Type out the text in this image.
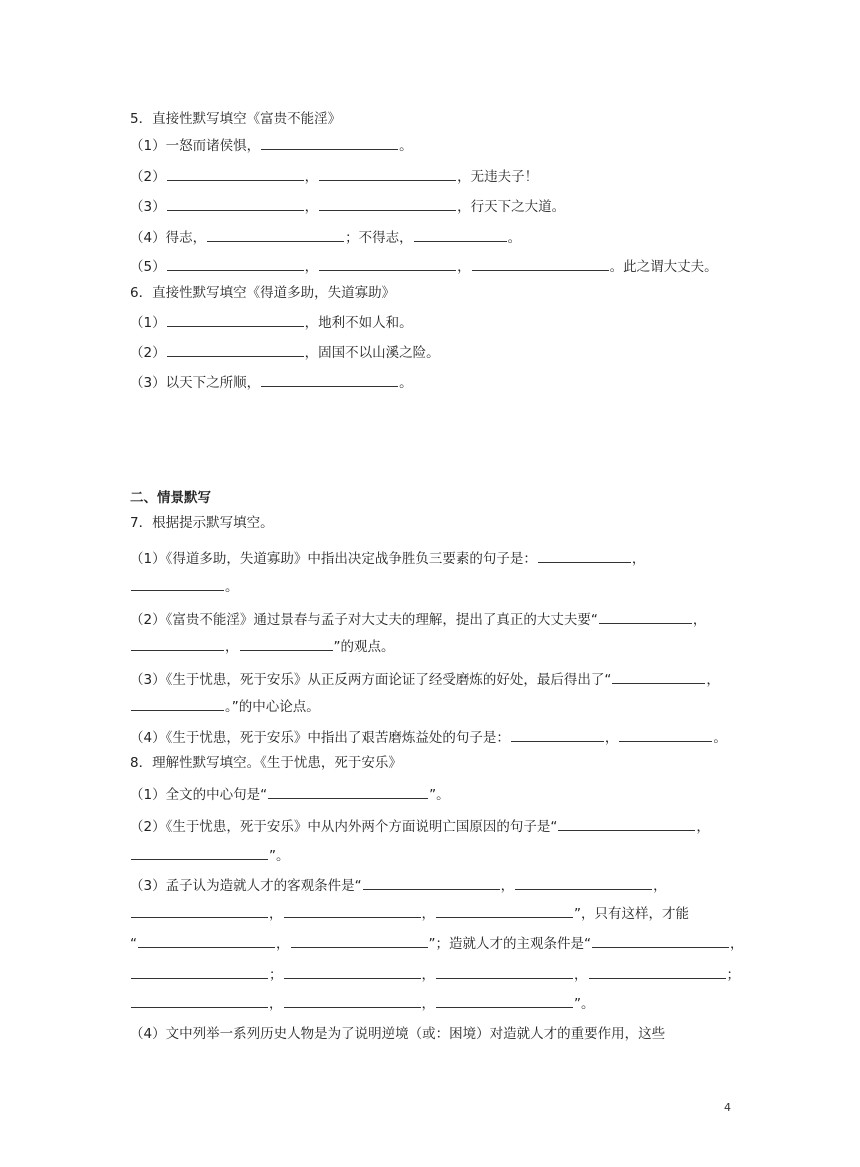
5．直接性默写填空《富贵不能淫》
（1）一怒而诸侯惧，	。
（2）	，	，无违夫子！
（3）	，	，行天下之大道。
（4）得志，	；不得志，	。
（5）	，	，	。此之谓大丈夫。
6．直接性默写填空《得道多助，失道寡助》
（1）	，地利不如人和。
（2）	，固国不以山溪之险。
（3）以天下之所顺，	。
二、情景默写
7．根据提示默写填空。
（1）《得道多助，失道寡助》中指出决定战争胜负三要素的句子是：	，
。
（2）《富贵不能淫》通过景春与孟子对大丈夫的理解，提出了真正的大丈夫要“	，
，	”的观点。
（3）《生于忧患，死于安乐》从正反两方面论证了经受磨炼的好处，最后得出了“	，
。”的中心论点。
（4）《生于忧患，死于安乐》中指出了艰苦磨炼益处的句子是：	，	。
8．理解性默写填空。《生于忧患，死于安乐》
（1）全文的中心句是“	”。
（2）《生于忧患，死于安乐》中从内外两个方面说明亡国原因的句子是“	，
”。
（3）孟子认为造就人才的客观条件是“	，	，
，	，	”，只有这样，才能
“	，	”；造就人才的主观条件是“	，
；	，	，	；
，	，	”。
（4）文中列举一系列历史人物是为了说明逆境（或：困境）对造就人才的重要作用，这些
4
